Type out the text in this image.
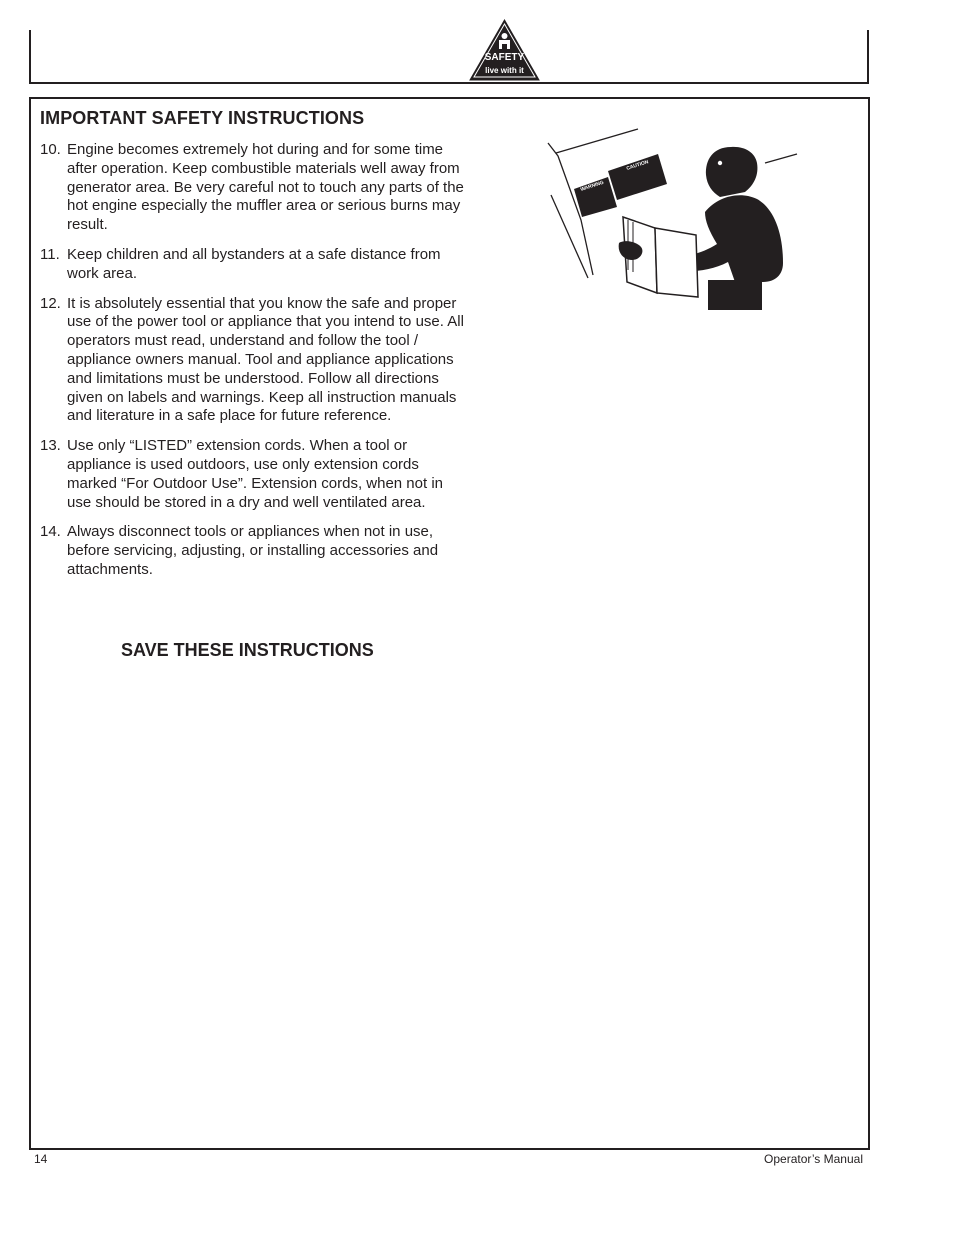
SAFETY
live with it
IMPORTANT SAFETY INSTRUCTIONS
10. Engine becomes extremely hot during and for some time after operation. Keep combustible materials well away from generator area. Be very careful not to touch any parts of the hot engine especially the muffler area or serious burns may result.
11. Keep children and all bystanders at a safe distance from work area.
12. It is absolutely essential that you know the safe and proper use of the power tool or appliance that you intend to use. All operators must read, understand and follow the tool / appliance owners manual. Tool and appliance applications and limitations must be understood. Follow all directions given on labels and warnings. Keep all instruction manuals and literature in a safe place for future reference.
13. Use only “LISTED” extension cords. When a tool or appliance is used outdoors, use only extension cords marked “For Outdoor Use”. Extension cords, when not in use should be stored in a dry and well ventilated area.
14. Always disconnect tools or appliances when not in use, before servicing, adjusting, or installing accessories and attachments.
SAVE THESE INSTRUCTIONS
WARNING
CAUTION
14	Operator’s Manual
